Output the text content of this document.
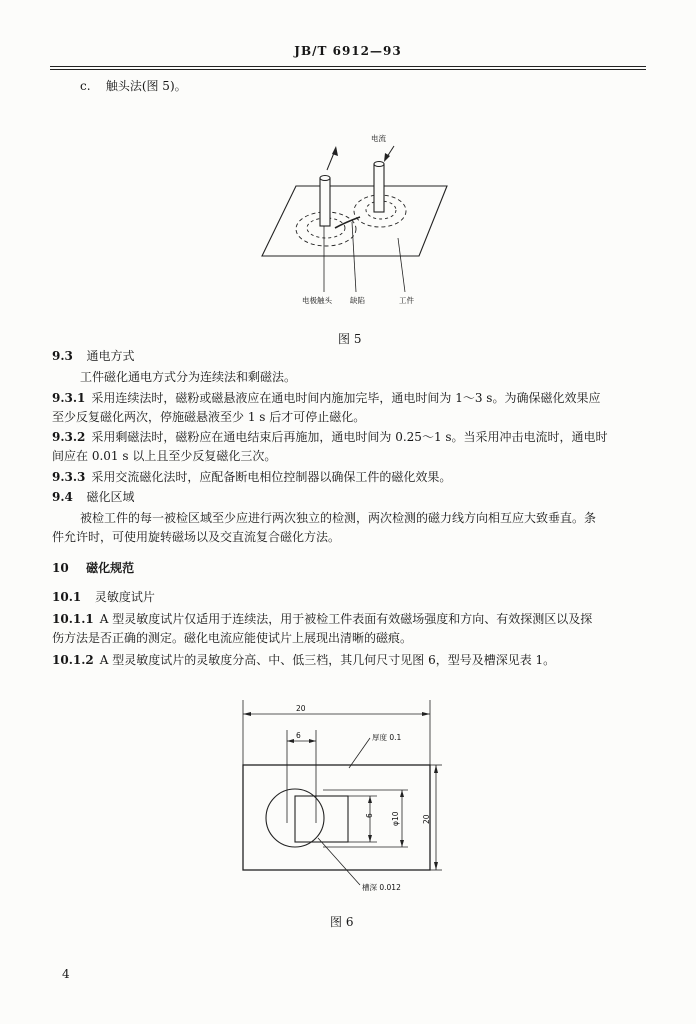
JB/T 6912—93
c. 触头法(图 5)。
电流
电极触头 缺陷	工件
图 5
9.3 通电方式
工件磁化通电方式分为连续法和剩磁法。
9.3.1 采用连续法时，磁粉或磁悬液应在通电时间内施加完毕，通电时间为 1～3 s。为确保磁化效果应
至少反复磁化两次，停施磁悬液至少 1 s 后才可停止磁化。
9.3.2 采用剩磁法时，磁粉应在通电结束后再施加，通电时间为 0.25～1 s。当采用冲击电流时，通电时
间应在 0.01 s 以上且至少反复磁化三次。
9.3.3 采用交流磁化法时，应配备断电相位控制器以确保工件的磁化效果。
9.4 磁化区域
被检工件的每一被检区域至少应进行两次独立的检测，两次检测的磁力线方向相互应大致垂直。条
件允许时，可使用旋转磁场以及交直流复合磁化方法。
10 磁化规范
10.1 灵敏度试片
10.1.1 A 型灵敏度试片仅适用于连续法，用于被检工件表面有效磁场强度和方向、有效探测区以及探
伤方法是否正确的测定。磁化电流应能使试片上展现出清晰的磁痕。
10.1.2 A 型灵敏度试片的灵敏度分高、中、低三档，其几何尺寸见图 6，型号及槽深见表 1。
20
6	厚度 0.1
6 φ10	20
槽深 0.012
图 6
4
